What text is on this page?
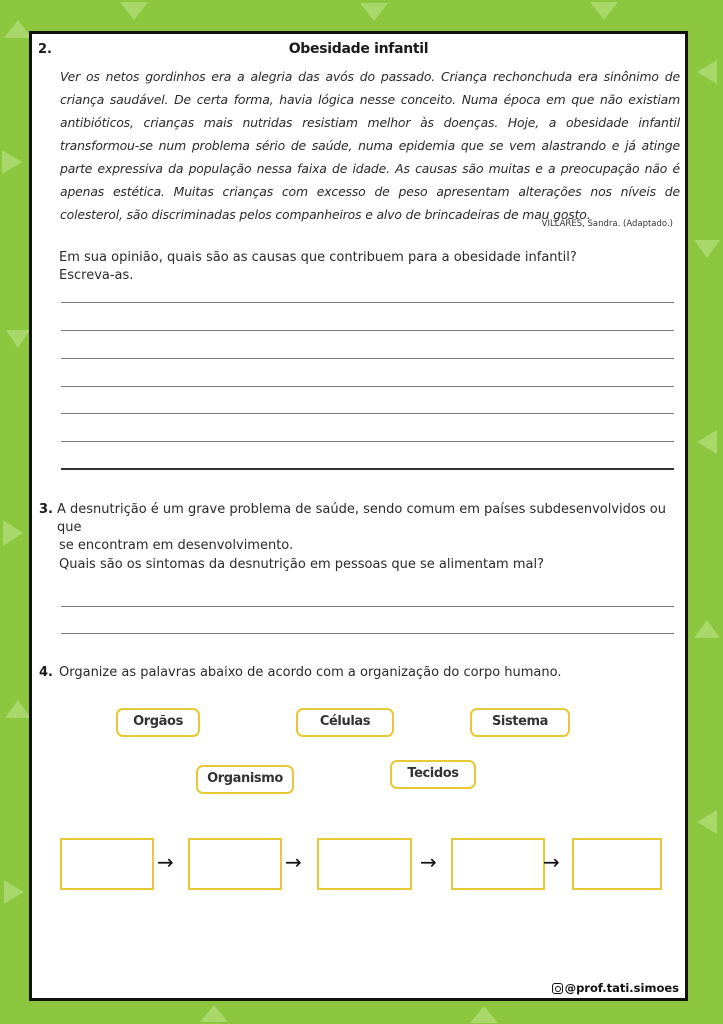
2.	Obesidade infantil
Ver os netos gordinhos era a alegria das avós do passado. Criança rechonchuda era sinônimo de criança saudável. De certa forma, havia lógica nesse conceito. Numa época em que não existiam antibióticos, crianças mais nutridas resistiam melhor às doenças. Hoje, a obesidade infantil transformou-se num problema sério de saúde, numa epidemia que se vem alastrando e já atinge parte expressiva da população nessa faixa de idade. As causas são muitas e a preocupação não é apenas estética. Muitas crianças com excesso de peso apresentam alterações nos níveis de colesterol, são discriminadas pelos companheiros e alvo de brincadeiras de mau gosto.
VILLARES, Sandra. (Adaptado.)
Em sua opinião, quais são as causas que contribuem para a obesidade infantil?
Escreva-as.
3. A desnutrição é um grave problema de saúde, sendo comum em países subdesenvolvidos ou que
se encontram em desenvolvimento.
Quais são os sintomas da desnutrição em pessoas que se alimentam mal?
4. Organize as palavras abaixo de acordo com a organização do corpo humano.
Orgãos	Células	Sistema
Organismo	Tecidos
→	→	→	→
@prof.tati.simoes
